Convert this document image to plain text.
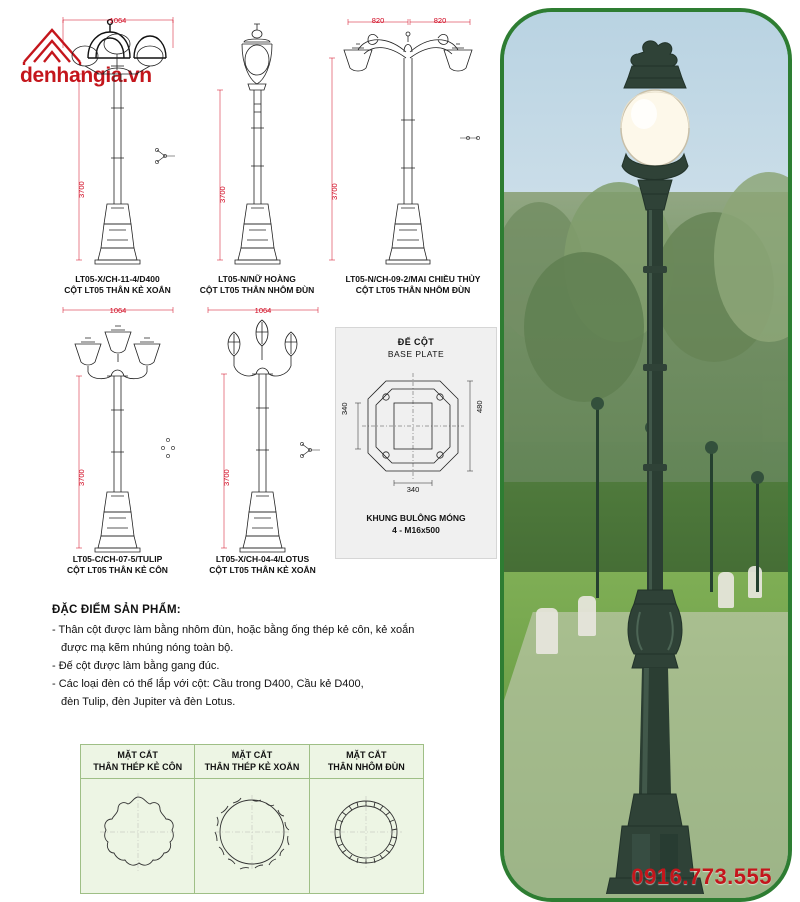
denhangia.vn
1064
3700
LT05-X/CH-11-4/D400
CỘT LT05 THÂN KẺ XOẮN
3700
LT05-N/NỮ HOÀNG
CỘT LT05 THÂN NHÔM ĐÙN
820	820
3700
LT05-N/CH-09-2/MAI CHIỀU THỦY
CỘT LT05 THÂN NHÔM ĐÙN
1064
3700
LT05-C/CH-07-5/TULIP
CỘT LT05 THÂN KẺ CÔN
1064
3700
LT05-X/CH-04-4/LOTUS
CỘT LT05 THÂN KẺ XOẮN
ĐẾ CỘT
BASE PLATE
340	480
340
KHUNG BULÔNG MÓNG
4 - M16x500
ĐẶC ĐIỂM SẢN PHẨM:

- Thân cột được làm bằng nhôm đùn, hoặc bằng ống thép kẻ côn, kẻ xoắn

được mạ kẽm nhúng nóng toàn bộ.

- Đế cột được làm bằng gang đúc.

- Các loại đèn có thể lắp với cột: Cầu trong D400, Cầu kẻ D400,

đèn Tulip, đèn Jupiter và đèn Lotus.

MẶT CẮT
THÂN THÉP KẺ CÔN
MẶT CẮT
THÂN THÉP KẺ XOẮN
MẶT CẮT
THÂN NHÔM ĐÙN
0916.773.555
